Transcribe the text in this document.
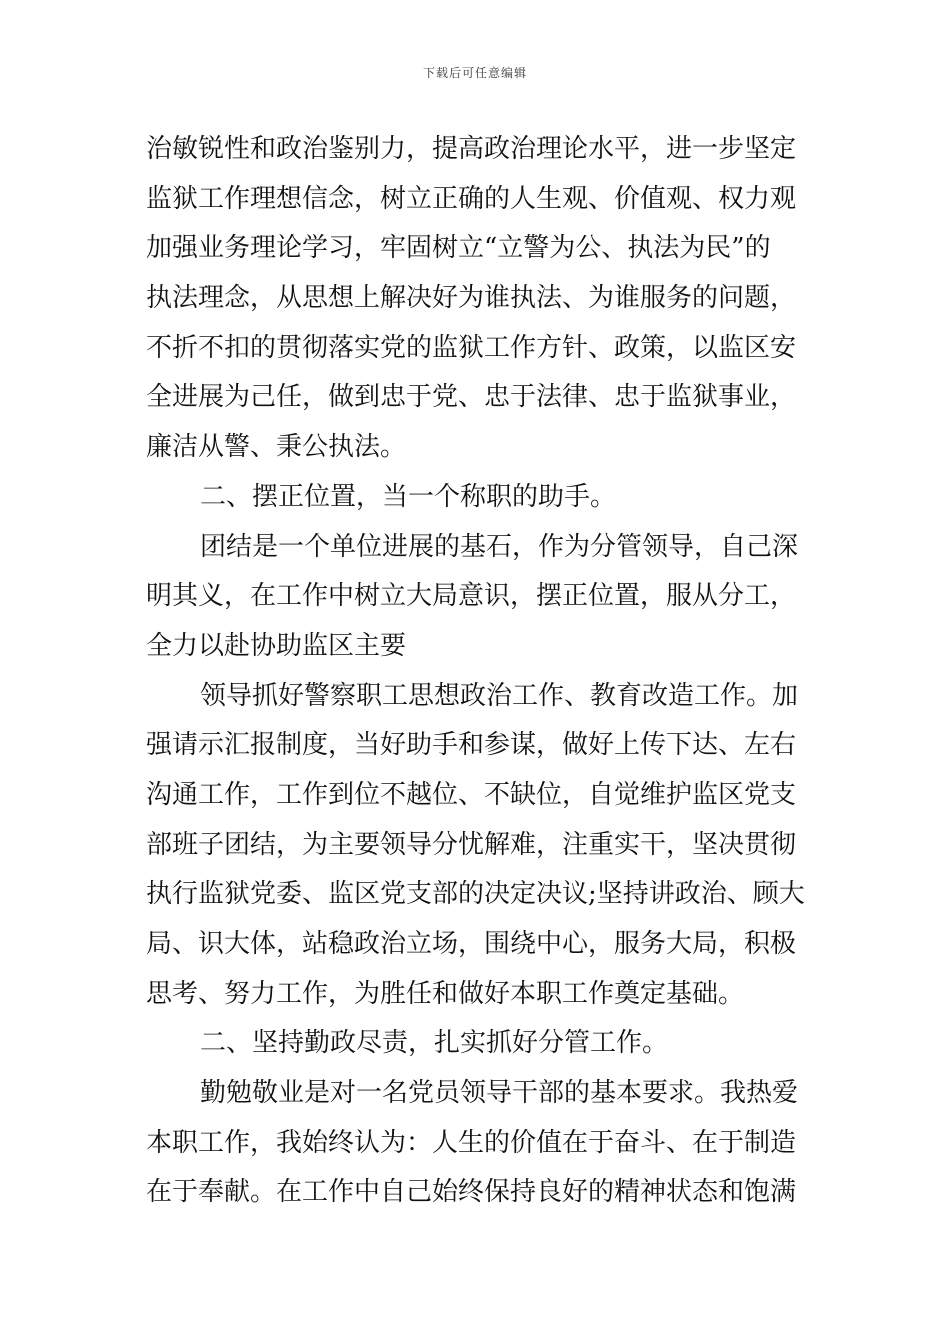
下载后可任意编辑
治敏锐性和政治鉴别力，提高政治理论水平，进一步坚定
监狱工作理想信念，树立正确的人生观、价值观、权力观
加强业务理论学习，牢固树立“立警为公、执法为民”的
执法理念，从思想上解决好为谁执法、为谁服务的问题，
不折不扣的贯彻落实党的监狱工作方针、政策，以监区安
全进展为己任，做到忠于党、忠于法律、忠于监狱事业，
廉洁从警、秉公执法。
二、摆正位置，当一个称职的助手。
团结是一个单位进展的基石，作为分管领导，自己深
明其义，在工作中树立大局意识，摆正位置，服从分工，
全力以赴协助监区主要
领导抓好警察职工思想政治工作、教育改造工作。加
强请示汇报制度，当好助手和参谋，做好上传下达、左右
沟通工作，工作到位不越位、不缺位，自觉维护监区党支
部班子团结，为主要领导分忧解难，注重实干，坚决贯彻
执行监狱党委、监区党支部的决定决议;坚持讲政治、顾大
局、识大体，站稳政治立场，围绕中心，服务大局，积极
思考、努力工作，为胜任和做好本职工作奠定基础。
二、坚持勤政尽责，扎实抓好分管工作。
勤勉敬业是对一名党员领导干部的基本要求。我热爱
本职工作，我始终认为：人生的价值在于奋斗、在于制造
在于奉献。在工作中自己始终保持良好的精神状态和饱满
